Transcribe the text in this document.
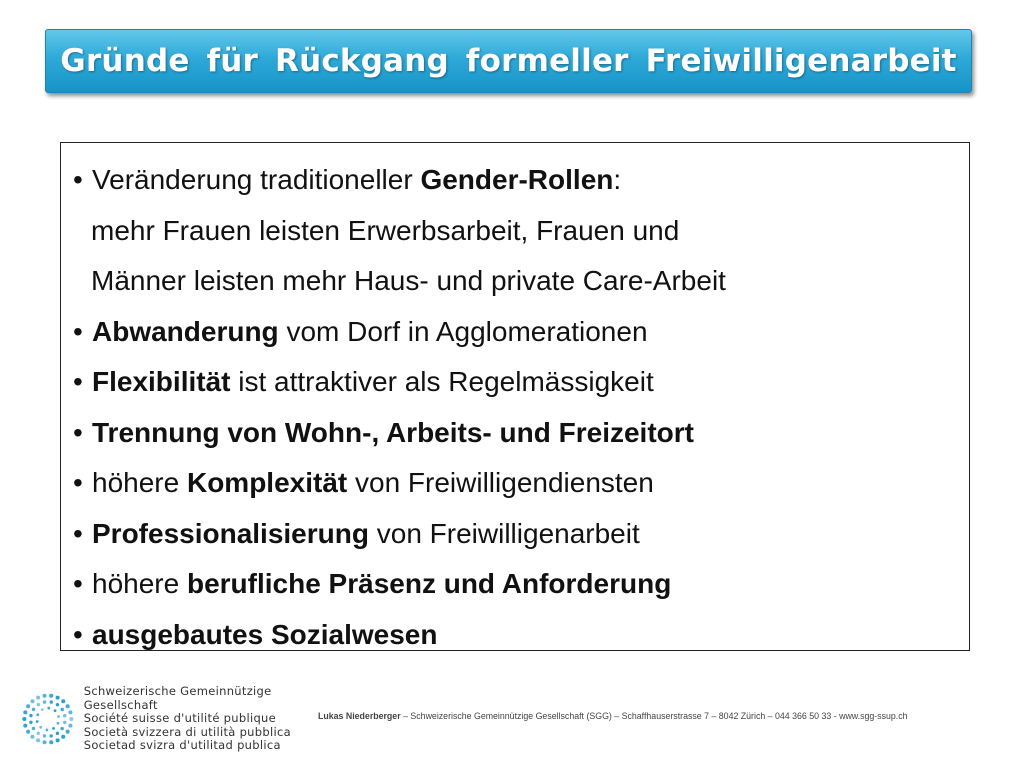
Gründe für Rückgang formeller Freiwilligenarbeit
• Veränderung traditioneller Gender-Rollen:
mehr Frauen leisten Erwerbsarbeit, Frauen und
Männer leisten mehr Haus- und private Care-Arbeit
• Abwanderung vom Dorf in Agglomerationen
• Flexibilität ist attraktiver als Regelmässigkeit
• Trennung von Wohn-, Arbeits- und Freizeitort
• höhere Komplexität von Freiwilligendiensten
• Professionalisierung von Freiwilligenarbeit
• höhere berufliche Präsenz und Anforderung
• ausgebautes Sozialwesen
Schweizerische Gemeinnützige Gesellschaft
Société suisse d'utilité publique
Società svizzera di utilità pubblica
Societad svizra d'utilitad publica
Lukas Niederberger – Schweizerische Gemeinnützige Gesellschaft (SGG) – Schaffhauserstrasse 7 – 8042 Zürich – 044 366 50 33 - www.sgg-ssup.ch
